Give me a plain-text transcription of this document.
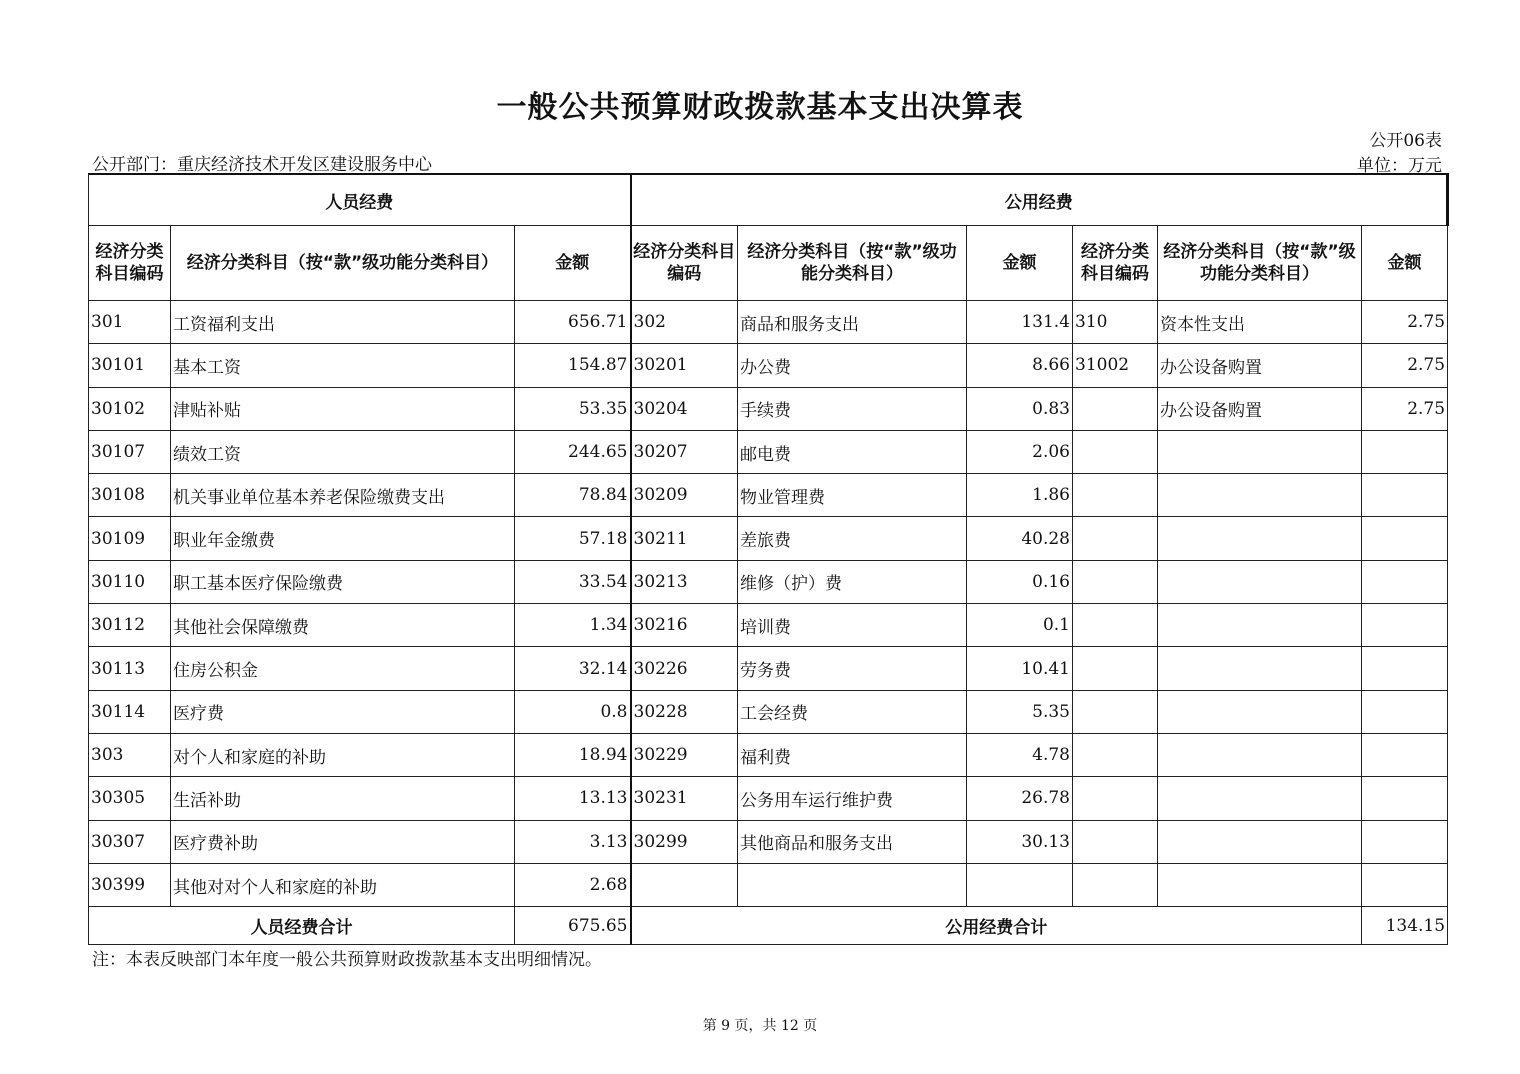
一般公共预算财政拨款基本支出决算表
公开06表
公开部门：重庆经济技术开发区建设服务中心	单位：万元
人员经费			公用经费					
经济分类科目编码	经济分类科目（按“款”级功能分类科目）	金额	经济分类科目编码	经济分类科目（按“款”级功能分类科目）	金额	经济分类科目编码	经济分类科目（按“款”级功能分类科目）	金额
301	工资福利支出	656.71	302	商品和服务支出	131.4	310	资本性支出	2.75
30101	基本工资	154.87	30201	办公费	8.66	31002	办公设备购置	2.75
30102	津贴补贴	53.35	30204	手续费	0.83		办公设备购置	2.75
30107	绩效工资	244.65	30207	邮电费	2.06			
30108	机关事业单位基本养老保险缴费支出	78.84	30209	物业管理费	1.86			
30109	职业年金缴费	57.18	30211	差旅费	40.28			
30110	职工基本医疗保险缴费	33.54	30213	维修（护）费	0.16			
30112	其他社会保障缴费	1.34	30216	培训费	0.1			
30113	住房公积金	32.14	30226	劳务费	10.41			
30114	医疗费	0.8	30228	工会经费	5.35			
303	对个人和家庭的补助	18.94	30229	福利费	4.78			
30305	生活补助	13.13	30231	公务用车运行维护费	26.78			
30307	医疗费补助	3.13	30299	其他商品和服务支出	30.13			
30399	其他对对个人和家庭的补助	2.68						
人员经费合计		675.65	公用经费合计					134.15
注：本表反映部门本年度一般公共预算财政拨款基本支出明细情况。
第 9 页，共 12 页
